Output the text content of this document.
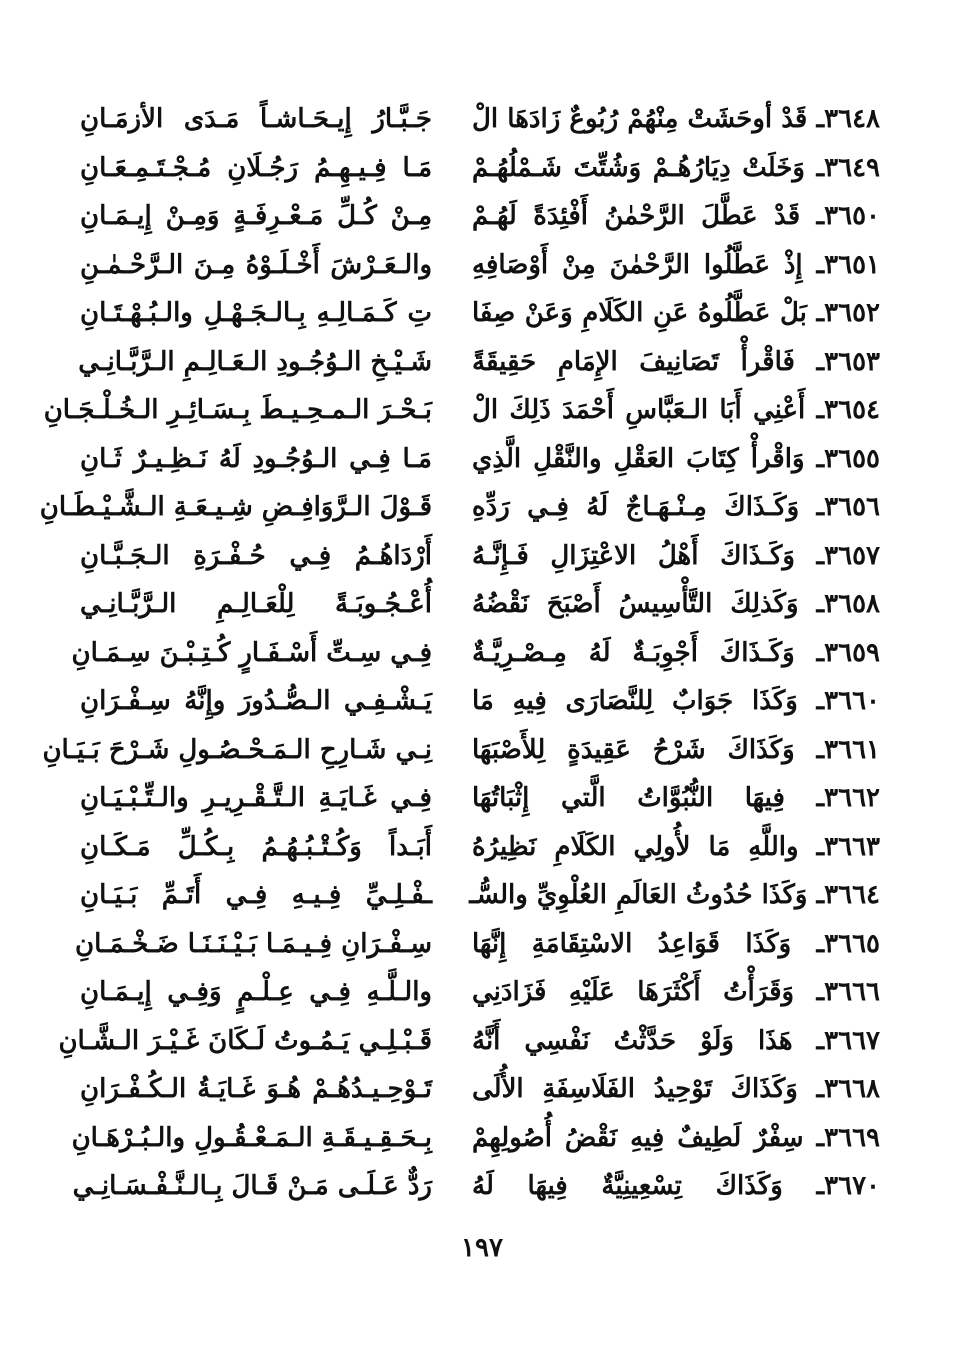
٣٦٤٨ـ قَدْ أوحَشَتْ مِنْهُمْ رُبُوعٌ زَادَهَا الْ
جَـبَّـارُ إِيـحَـاشـاً مَـدَى الأزمَـانِ
٣٦٤٩ـ وَخَلَتْ دِيَارُهُـمْ وَشُتِّتَ شَـمْلُهُـمْ
مَـا فِـيـهِـمُ رَجُـلَانِ مُـجْـتَـمِـعَـانِ
٣٦٥٠ـ قَدْ عَطَّلَ الرَّحْمٰنُ أَفْئِدَةً لَهُـمْ
مِـنْ كُـلِّ مَـعْـرِفَـةٍ وَمِـنْ إِيـمَـانِ
٣٦٥١ـ إِذْ عَطَّلُوا الرَّحْمٰنَ مِنْ أَوْصَافِهِ
والـعَـرْشَ أَخْـلَـوْهُ مِـنَ الـرَّحْـمٰـنِ
٣٦٥٢ـ بَلْ عَطَّلُوهُ عَنِ الكَلَامِ وَعَنْ صِفَا
تِ كَـمَـالِـهِ بِـالـجَـهْـلِ والـبُـهْـتَـانِ
٣٦٥٣ـ فَاقْرأْ تَصَانِيفَ الإِمَامِ حَقِيقَةً
شَـيْـخِ الـوُجُـودِ الـعَـالِـمِ الـرَّبَّـانِـي
٣٦٥٤ـ أَعْنِي أَبَا الـعَبَّاسِ أَحْمَدَ ذَلِكَ الْ
بَـحْـرَ الـمـحِـيـطَ بِـسَـائِـرِ الـخُـلْـجَـانِ
٣٦٥٥ـ وَاقْرأْ كِتَابَ العَقْلِ والنَّقْلِ الَّذِي
مَـا فِـي الـوُجُـودِ لَهُ نَـظِـيـرٌ ثَـانِ
٣٦٥٦ـ وَكَـذَاكَ مِـنْـهَـاجٌ لَهُ فِـي رَدِّهِ
قَـوْلَ الـرَّوَافِـضِ شِـيـعَـةِ الـشَّـيْـطَـانِ
٣٦٥٧ـ وَكَـذَاكَ أَهْلُ الاعْتِزَالِ فَـإِنَّـهُ
أَرْدَاهُـمُ فِـي حُـفْـرَةِ الـجَـبَّـانِ
٣٦٥٨ـ وَكَذلِكَ التَّأْسِيسُ أَصْبَحَ نَقْضُهُ
أُعْـجُـوبَـةً لِلْعَـالِـمِ الـرَّبَّـانِـي
٣٦٥٩ـ وَكَـذَاكَ أَجْوِبَـةٌ لَهُ مِـصْـرِيَّـةٌ
فِـي سِـتِّ أَسْـفَـارٍ كُـتِـبْـنَ سِـمَـانِ
٣٦٦٠ـ وَكَذَا جَوَابٌ لِلنَّصَارَى فِيهِ مَا
يَـشْـفِـي الـصُّـدُورَ وإِنَّهُ سِـفْـرَانِ
٣٦٦١ـ وَكَذَاكَ شَرْحُ عَقِيدَةٍ لِلأَصْبَهَا
نِـي شَـارِحِ الـمَـحْـصُـولِ شَـرْحَ بَـيَـانِ
٣٦٦٢ـ فِيهَا النُّبُوَّاتُ الَّتي إِثْبَاتُهَا
فِـي غَـايَـةِ الـتَّـقْـرِيـرِ والـتِّـبْـيَـانِ
٣٦٦٣ـ واللَّهِ مَا لأُولِي الكَلَامِ نَظِيرُهُ
أَبَـداً وَكُـتْـبُـهُـمُ بِـكُـلِّ مَـكَـانِ
٣٦٦٤ـ وَكَذَا حُدُوثُ العَالَمِ العُلْوِيِّ والسُّـ
ـفْـلِـيِّ فِـيـهِ فِـي أَتَـمِّ بَـيَـانِ
٣٦٦٥ـ وَكَذَا قَوَاعِدُ الاسْتِقَامَةِ إِنَّهَا
سِـفْـرَانِ فِـيـمَـا بَـيْـنَـنَـا ضَـخْـمَـانِ
٣٦٦٦ـ وَقَرَأْتُ أَكْثَرَهَا عَلَيْهِ فَزَادَنِي
والـلَّـهِ فِـي عِـلْـمٍ وَفِـي إِيـمَـانِ
٣٦٦٧ـ هَذَا وَلَوْ حَدَّثْتُ نَفْسِي أَنَّهُ
قَـبْـلِـي يَـمُـوتُ لَـكَانَ غَـيْـرَ الـشَّـانِ
٣٦٦٨ـ وَكَذَاكَ تَوْحِيدُ الفَلَاسِفَةِ الأُلَى
تَـوْحِـيـدُهُـمْ هُـوَ غَـايَـةُ الـكُـفْـرَانِ
٣٦٦٩ـ سِفْرٌ لَطِيفٌ فِيهِ نَقْضُ أُصُولِهِمْ
بِـحَـقِـيـقَـةِ الـمَـعْـقُـولِ والـبُـرْهَـانِ
٣٦٧٠ـ وَكَذَاكَ تِسْعِينِيَّةٌ فِيهَا لَهُ
رَدٌّ عَـلَـى مَـنْ قَـالَ بِـالـنَّـفْـسَـانِـي
١٩٧
